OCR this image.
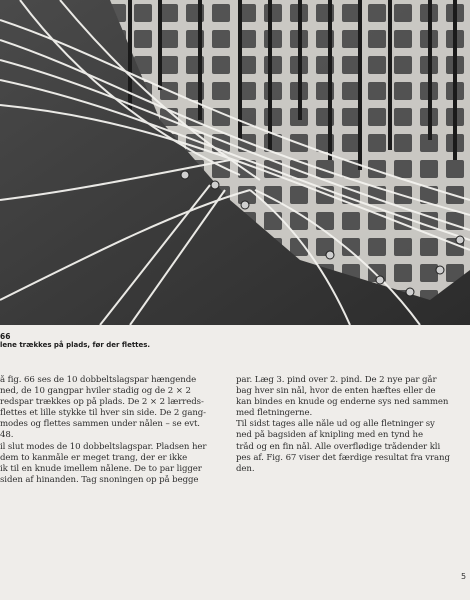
66
lene trækkes på plads, før der flettes.

å fig. 66 ses de 10 dobbeltslagspar hængende

ned, de 10 gangpar hviler stadig og de 2 × 2

redspar trækkes op på plads. De 2 × 2 lærreds-

flettes et lille stykke til hver sin side. De 2 gang-

modes og flettes sammen under nålen – se evt.

48.

il slut modes de 10 dobbeltslagspar. Pladsen her

dem to kanmåle er meget trang, der er ikke

ik til en knude imellem nålene. De to par ligger

siden af hinanden. Tag snoningen op på begge

par. Læg 3. pind over 2. pind. De 2 nye par går

bag hver sin nål, hvor de enten hæftes eller de

kan bindes en knude og enderne sys ned sammen

med fletningerne.

Til sidst tages alle nåle ud og alle fletninger sy

ned på bagsiden af knipling med en tynd he

tråd og en fin nål. Alle overflødige trådender kli

pes af. Fig. 67 viser det færdige resultat fra vrang

den.

5
